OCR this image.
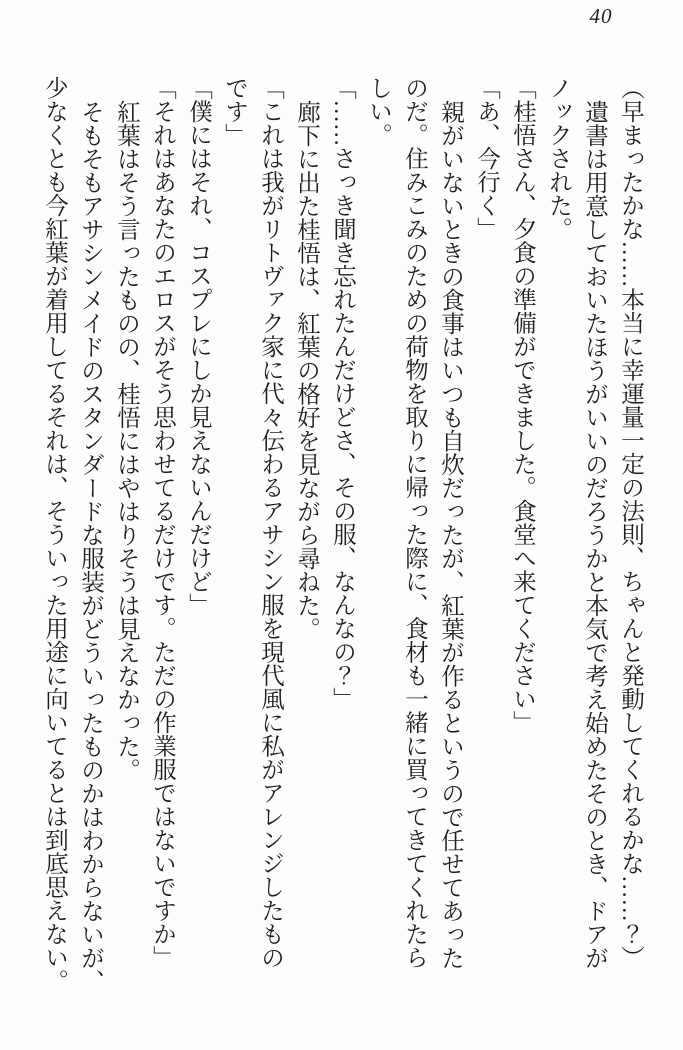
40

（早まったかな……本当に幸運量一定の法則、ちゃんと発動してくれるかな……？）

遺書は用意しておいたほうがいいのだろうかと本気で考え始めたそのとき、ドアが

ノックされた。

「桂悟さん、夕食の準備ができました。食堂へ来てください」

「あ、今行く」

親がいないときの食事はいつも自炊だったが、紅葉が作るというので任せてあった

のだ。住みこみのための荷物を取りに帰った際に、食材も一緒に買ってきてくれたら

しい。

「……さっき聞き忘れたんだけどさ、その服、なんなの？」

廊下に出た桂悟は、紅葉の格好を見ながら尋ねた。

「これは我がリトヴァク家に代々伝わるアサシン服を現代風に私がアレンジしたもの

です」

「僕にはそれ、コスプレにしか見えないんだけど」

「それはあなたのエロスがそう思わせてるだけです。ただの作業服ではないですか」

紅葉はそう言ったものの、桂悟にはやはりそうは見えなかった。

そもそもアサシンメイドのスタンダードな服装がどういったものかはわからないが、

少なくとも今紅葉が着用してるそれは、そういった用途に向いてるとは到底思えない。
